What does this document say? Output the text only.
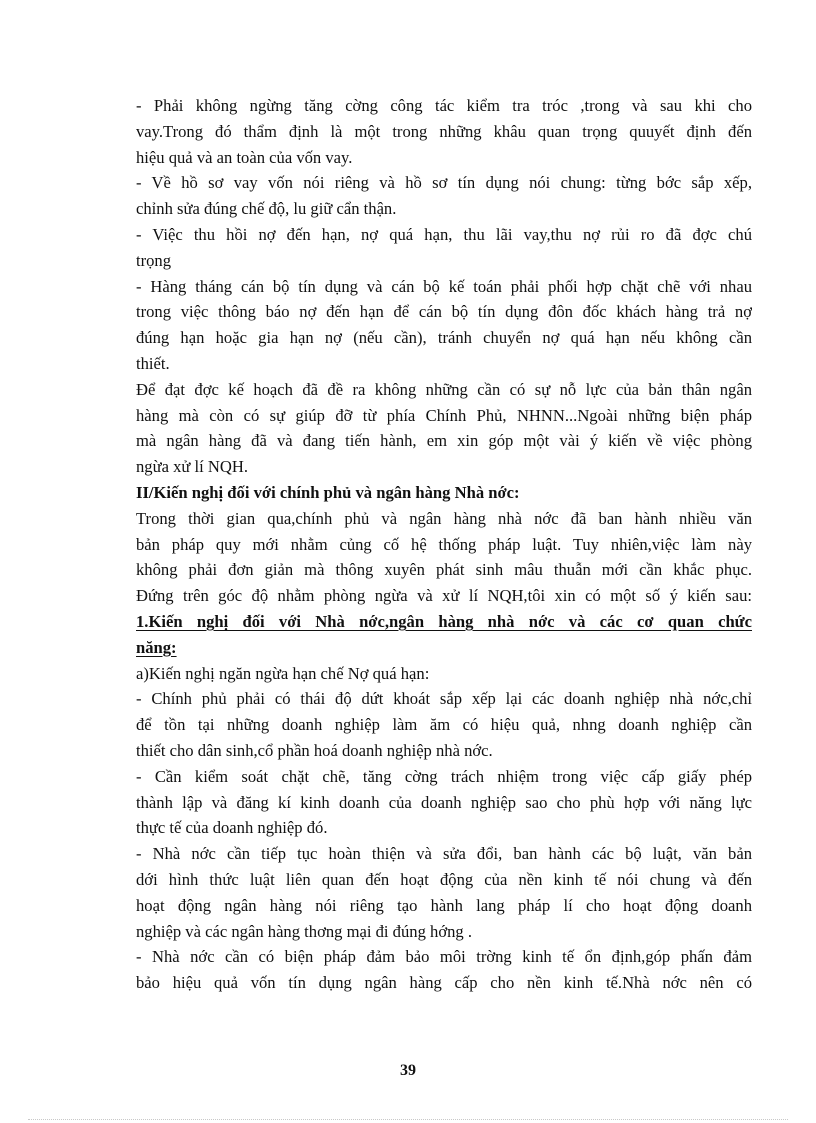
- Phải không ngừng tăng cờng công tác kiểm tra tróc ,trong và sau khi cho

vay.Trong đó thẩm định là một trong những khâu quan trọng quuyết định đến

hiệu quả và an toàn của vốn vay.

- Về hồ sơ vay vốn nói riêng và hồ sơ tín dụng nói chung: từng bớc sắp xếp,

chỉnh sửa đúng chế độ, lu giữ cẩn thận.

- Việc thu hồi nợ đến hạn, nợ quá hạn, thu lãi vay,thu nợ rủi ro đã đợc chú

trọng

- Hàng tháng cán bộ tín dụng và cán bộ kế toán phải phối hợp chặt chẽ với nhau

trong việc thông báo nợ đến hạn để cán bộ tín dụng đôn đốc khách hàng trả nợ

đúng hạn hoặc gia hạn nợ (nếu cần), tránh chuyển nợ quá hạn nếu không cần

thiết.

Để đạt đợc kế hoạch đã đề ra không những cần có sự nỗ lực của bản thân ngân

hàng mà còn có sự giúp đỡ từ phía Chính Phủ, NHNN...Ngoài những biện pháp

mà ngân hàng đã và đang tiến hành, em xin góp một vài ý kiến về việc phòng

ngừa xử lí NQH.

II/Kiến nghị đối với chính phủ và ngân hàng Nhà nớc:

Trong thời gian qua,chính phủ và ngân hàng nhà nớc đã ban hành nhiều văn

bản pháp quy mới nhằm củng cố hệ thống pháp luật. Tuy nhiên,việc làm này

không phải đơn giản mà thông xuyên phát sinh mâu thuẫn mới cần khắc phục.

Đứng trên góc độ nhằm phòng ngừa và xử lí NQH,tôi xin có một số ý kiến sau:

1.Kiến nghị đối với Nhà nớc,ngân hàng nhà nớc và các cơ quan chức

năng:

a)Kiến nghị ngăn ngừa hạn chế Nợ quá hạn:

- Chính phủ phải có thái độ dứt khoát sắp xếp lại các doanh nghiệp nhà nớc,chỉ

để tồn tại những doanh nghiệp làm ăm có hiệu quả, nhng doanh nghiệp cần

thiết cho dân sinh,cổ phần hoá doanh nghiệp nhà nớc.

- Cần kiểm soát chặt chẽ, tăng cờng trách nhiệm trong việc cấp giấy phép

thành lập và đăng kí kinh doanh của doanh nghiệp sao cho phù hợp với năng lực

thực tế của doanh nghiệp đó.

- Nhà nớc cần tiếp tục hoàn thiện và sửa đổi, ban hành các bộ luật, văn bản

dới hình thức luật liên quan đến hoạt động của nền kinh tế nói chung và đến

hoạt động ngân hàng nói riêng tạo hành lang pháp lí cho hoạt động doanh

nghiệp và các ngân hàng thơng mại đi đúng hớng .

- Nhà nớc cần có biện pháp đảm bảo môi trờng kinh tế ổn định,góp phấn đảm

bảo hiệu quả vốn tín dụng ngân hàng cấp cho nền kinh tế.Nhà nớc nên có

39
